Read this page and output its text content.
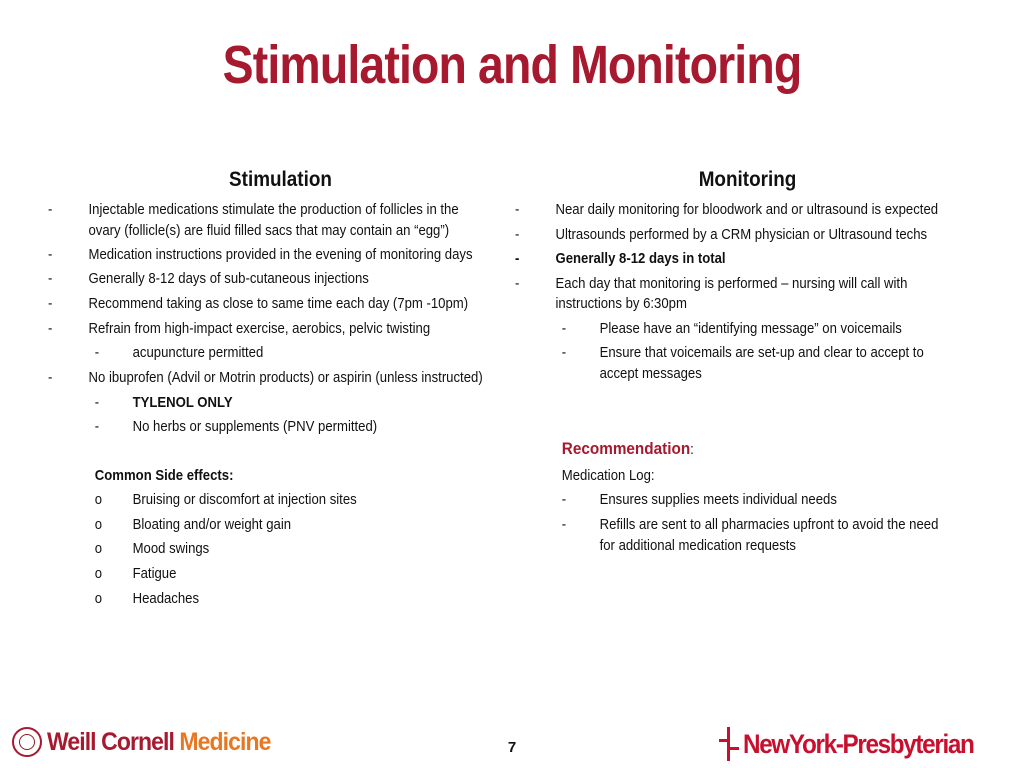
Stimulation and Monitoring
Stimulation
- Injectable medications stimulate the production of follicles in the
ovary (follicle(s) are fluid filled sacs that may contain an “egg”)
- Medication instructions provided in the evening of monitoring days
- Generally 8-12 days of sub-cutaneous injections
- Recommend taking as close to same time each day (7pm -10pm)
- Refrain from high-impact exercise, aerobics, pelvic twisting
- acupuncture permitted
- No ibuprofen (Advil or Motrin products) or aspirin (unless instructed)
- TYLENOL ONLY
- No herbs or supplements (PNV permitted)
Common Side effects:
o Bruising or discomfort at injection sites
o Bloating and/or weight gain
o Mood swings
o Fatigue
o Headaches
Monitoring
- Near daily monitoring for bloodwork and or ultrasound is expected
- Ultrasounds performed by a CRM physician or Ultrasound techs
- Generally 8-12 days in total
- Each day that monitoring is performed – nursing will call with
instructions by 6:30pm
- Please have an “identifying message” on voicemails
- Ensure that voicemails are set-up and clear to accept to
accept messages
Recommendation:
Medication Log:
- Ensures supplies meets individual needs
- Refills are sent to all pharmacies upfront to avoid the need
for additional medication requests
Weill Cornell Medicine	7	NewYork-Presbyterian
